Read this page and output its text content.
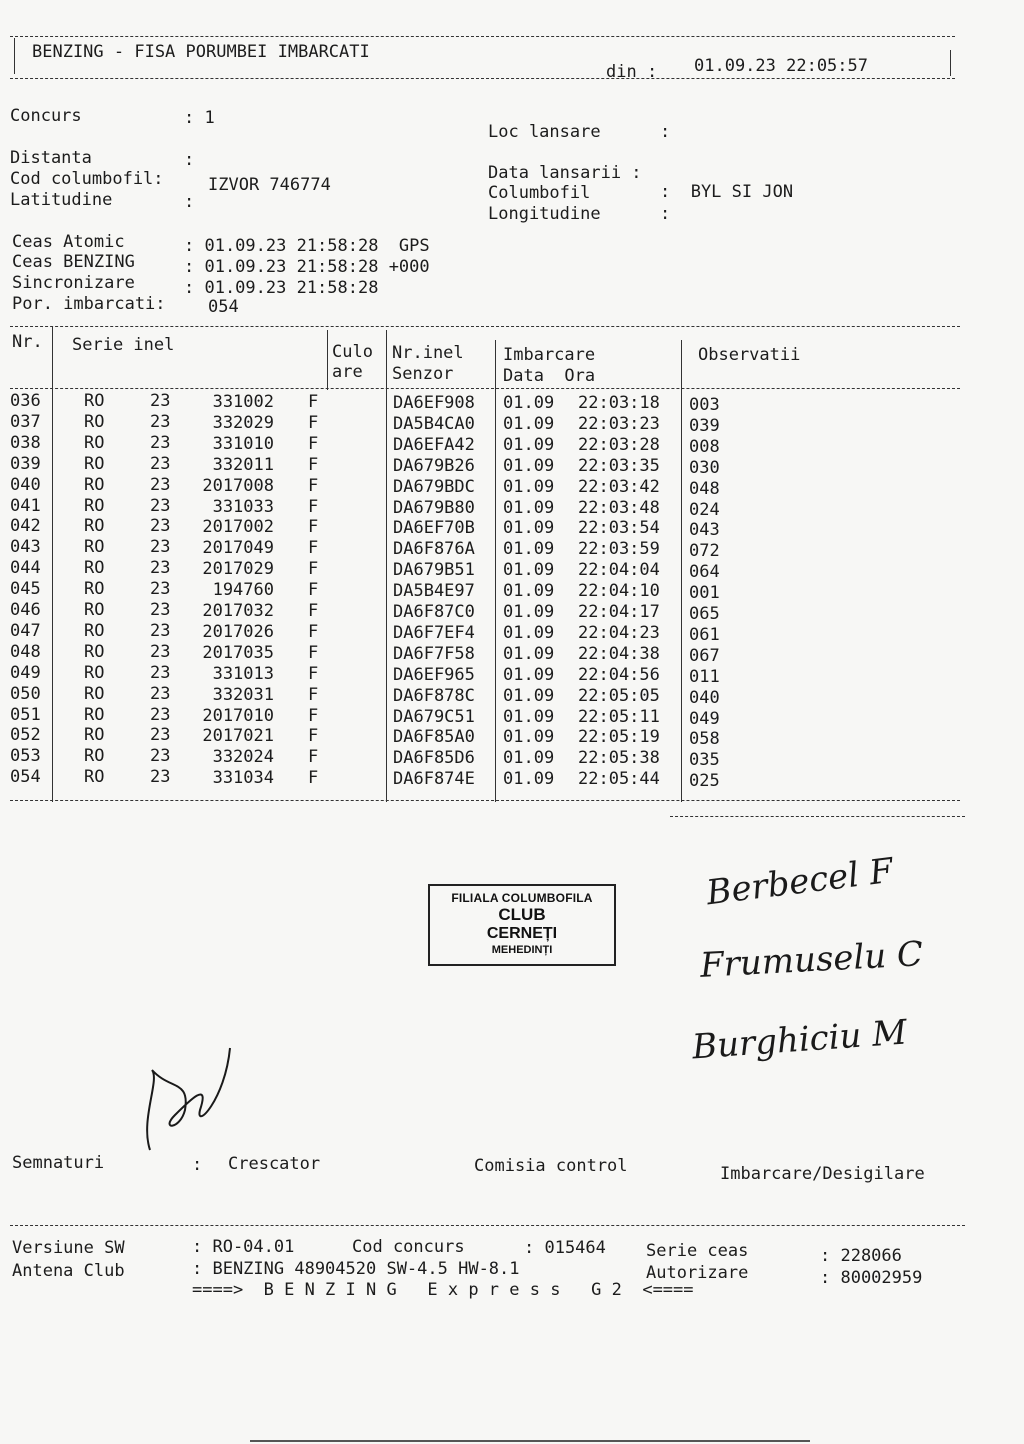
BENZING - FISA PORUMBEI IMBARCATI
din : 01.09.23 22:05:57
Concurs	: 1
Loc lansare	:
Distanta	:
Cod columbofil:	IZVOR 746774
Latitudine	:
Data lansarii :
Columbofil	:  BYL SI JON
Longitudine	:
Ceas Atomic	: 01.09.23 21:58:28  GPS
Ceas BENZING	: 01.09.23 21:58:28 +000
Sincronizare	: 01.09.23 21:58:28
Por. imbarcati: 054
Nr. Serie inel	Culo
are
Nr.inel
Senzor
Imbarcare
Data  Ora
Observatii
036	RO	23 331002 F	DA6EF908 01.09 22:03:18 003
037	RO	23 332029 F	DA5B4CA0 01.09 22:03:23 039
038	RO	23 331010 F	DA6EFA42 01.09 22:03:28 008
039	RO	23 332011 F	DA679B26 01.09 22:03:35 030
040	RO	23 2017008 F	DA679BDC 01.09 22:03:42 048
041	RO	23 331033 F	DA679B80 01.09 22:03:48 024
042	RO	23 2017002 F	DA6EF70B 01.09 22:03:54 043
043	RO	23 2017049 F	DA6F876A 01.09 22:03:59 072
044	RO	23 2017029 F	DA679B51 01.09 22:04:04 064
045	RO	23 194760 F	DA5B4E97 01.09 22:04:10 001
046	RO	23 2017032 F	DA6F87C0 01.09 22:04:17 065
047	RO	23 2017026 F	DA6F7EF4 01.09 22:04:23 061
048	RO	23 2017035 F	DA6F7F58 01.09 22:04:38 067
049	RO	23 331013 F	DA6EF965 01.09 22:04:56 011
050	RO	23 332031 F	DA6F878C 01.09 22:05:05 040
051	RO	23 2017010 F	DA679C51 01.09 22:05:11 049
052	RO	23 2017021 F	DA6F85A0 01.09 22:05:19 058
053	RO	23 332024 F	DA6F85D6 01.09 22:05:38 035
054	RO	23 331034 F	DA6F874E 01.09 22:05:44 025
FILIALA COLUMBOFILA
CLUB
CERNEȚI
MEHEDINȚI
Berbecel F
Frumuselu C
Burghiciu M
Semnaturi	: Crescator	Comisia control	Imbarcare/Desigilare
Versiune SW	: RO-04.01	Cod concurs	: 015464 Serie ceas	: 228066
Antena Club	: BENZING 48904520 SW-4.5 HW-8.1	Autorizare	: 80002959
====>  B E N Z I N G   E x p r e s s   G 2  <====
